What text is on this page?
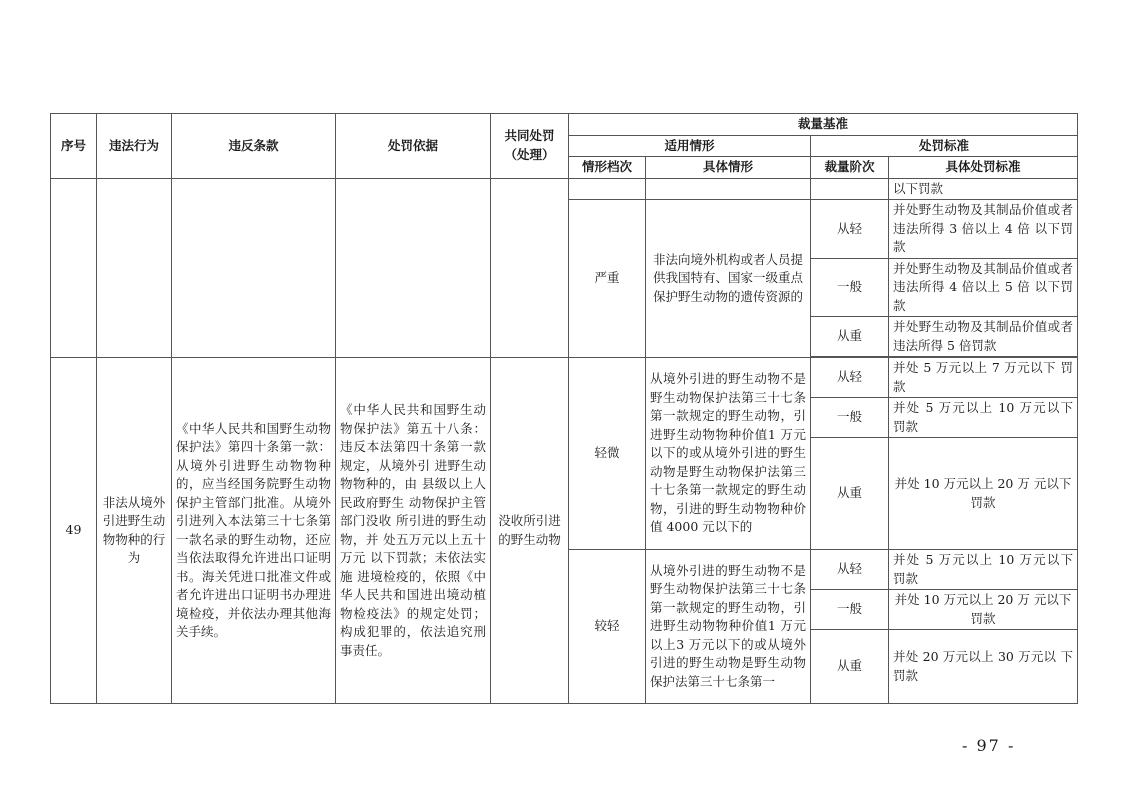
序号	违法行为	违反条款	处罚依据	共同处罚（处理）	裁量基准			
					适用情形		处罚标准	
					情形档次	具体情形	裁量阶次	具体处罚标准
								以下罚款
					严重	非法向境外机构或者人员提供我国特有、国家一级重点保护野生动物的遗传资源的	从轻	并处野生动物及其制品价值或者违法所得 3 倍以上 4 倍 以下罚款
							一般	并处野生动物及其制品价值或者违法所得 4 倍以上 5 倍 以下罚款
							从重	并处野生动物及其制品价值或者违法所得 5 倍罚款

49	非法从境外引进野生动物物种的行为	《中华人民共和国野生动物保护法》第四十条第一款：从境外引进野生动物物种的，应当经国务院野生动物保护主管部门批准。从境外引进列入本法第三十七条第一款名录的野生动物，还应当依法取得允许进出口证明书。海关凭进口批准文件或者允许进出口证明书办理进境检疫，并依法办理其他海关手续。	《中华人民共和国野生动物保护法》第五十八条：违反本法第四十条第一款规定，从境外引 进野生动物物种的，由 县级以上人民政府野生 动物保护主管部门没收 所引进的野生动物，并 处五万元以上五十万元 以下罚款；未依法实施 进境检疫的，依照《中 华人民共和国进出境动植物检疫法》的规定处罚；构成犯罪的，依法追究刑事责任。	没收所引进的野生动物	轻微	从境外引进的野生动物不是野生动物保护法第三十七条第一款规定的野生动物，引进野生动物物种价值1 万元以下的或从境外引进的野生动物是野生动物保护法第三十七条第一款规定的野生动物，引进的野生动物物种价值 4000 元以下的	从轻	并处 5 万元以上 7 万元以下 罚款
							一般	并处 5 万元以上 10 万元以下 罚款
							从重	并处 10 万元以上 20 万 元以下罚款
					较轻	从境外引进的野生动物不是野生动物保护法第三十七条第一款规定的野生动物，引进野生动物物种价值1 万元以上3 万元以下的或从境外引进的野生动物是野生动物保护法第三十七条第一	从轻	并处 5 万元以上 10 万元以下 罚款
							一般	并处 10 万元以上 20 万 元以下罚款
							从重	并处 20 万元以上 30 万元以 下罚款
- 97 -
